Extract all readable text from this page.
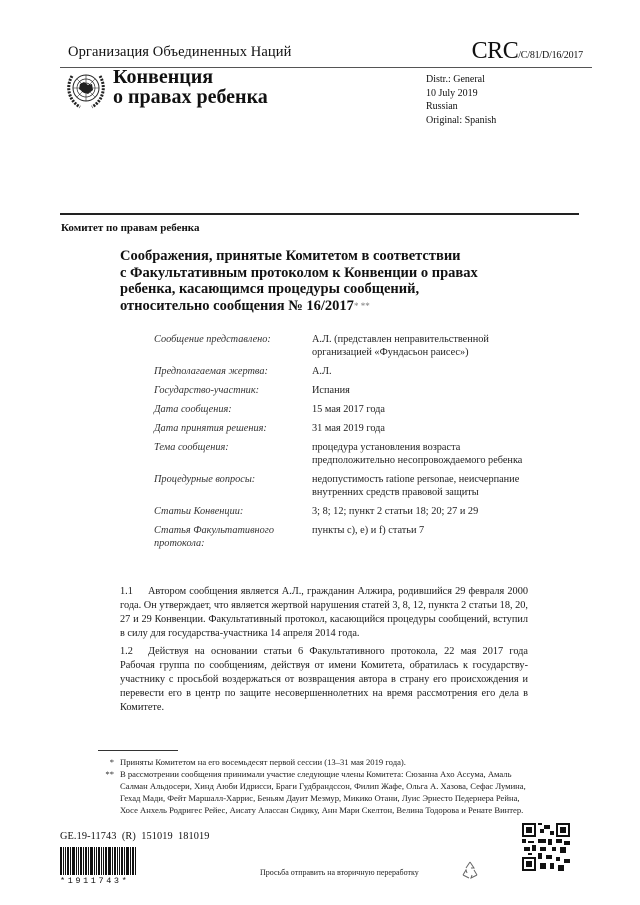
Организация Объединенных Наций	CRC/C/81/D/16/2017
Конвенция
о правах ребенка
Distr.: General
10 July 2019
Russian
Original: Spanish
Комитет по правам ребенка
Соображения, принятые Комитетом в соответствии
с Факультативным протоколом к Конвенции о правах
ребенка, касающимся процедуры сообщений,
относительно сообщения № 16/2017* **
Сообщение представлено:	А.Л. (представлен неправительственной организацией «Фундасьон раисес»)
Предполагаемая жертва:	А.Л.
Государство-участник:	Испания
Дата сообщения:	15 мая 2017 года
Дата принятия решения:	31 мая 2019 года
Тема сообщения:	процедура установления возраста предположительно несопровождаемого ребенка
Процедурные вопросы:	недопустимость ratione personae, неисчерпание внутренних средств правовой защиты
Статьи Конвенции:	3; 8; 12; пункт 2 статьи 18; 20; 27 и 29
Статья Факультативного протокола:
пункты c), e) и f) статьи 7
1.1 Автором сообщения является А.Л., гражданин Алжира, родившийся 29 февраля 2000 года. Он утверждает, что является жертвой нарушения статей 3, 8, 12, пункта 2 статьи 18, 20, 27 и 29 Конвенции. Факультативный протокол, касающийся процедуры сообщений, вступил в силу для государства-участника 14 апреля 2014 года.
1.2 Действуя на основании статьи 6 Факультативного протокола, 22 мая 2017 года Рабочая группа по сообщениям, действуя от имени Комитета, обратилась к государству-участнику с просьбой воздержаться от возвращения автора в страну его происхождения и перевести его в центр по защите несовершеннолетних на время рассмотрения его дела в Комитете.
* Приняты Комитетом на его восемьдесят первой сессии (13–31 мая 2019 года).
** В рассмотрении сообщения принимали участие следующие члены Комитета: Сюзанна Ахо Ассума, Амаль Салман Альдосери, Хинд Аюби Идрисси, Браги Гудбрандссон, Филип Жафе, Ольга А. Хазова, Сефас Лумина, Гехад Мади, Фейт Маршалл-Харрис, Беньям Дауит Мезмур, Микико Отани, Луис Эрнесто Педернера Рейна, Хосе Анхель Родригес Рейес, Аисату Алассан Сидику, Анн Мари Скелтон, Велина Тодорова и Ренате Винтер.
GE.19-11743  (R)  151019  181019
*1911743*
Просьба отправить на вторичную переработку
